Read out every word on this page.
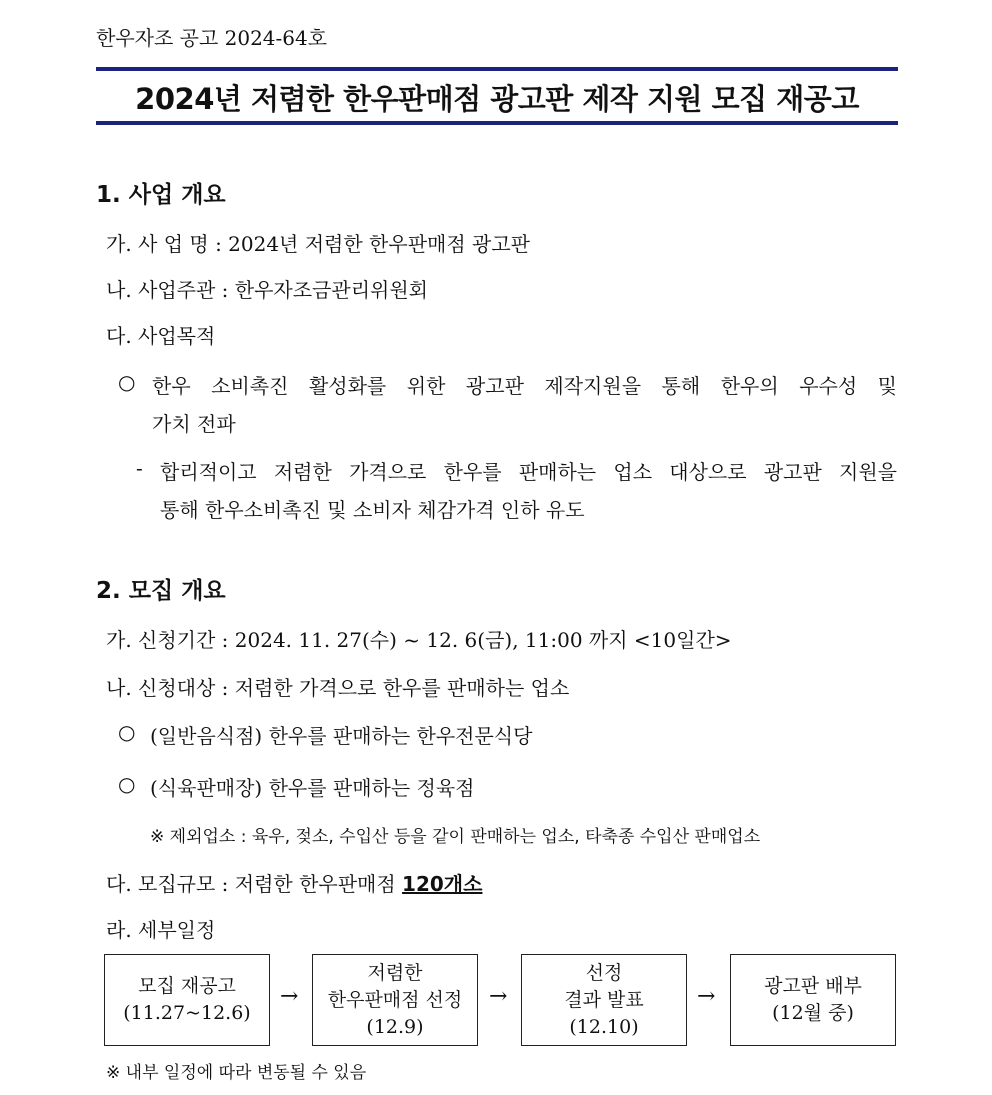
한우자조 공고 2024-64호
2024년 저렴한 한우판매점 광고판 제작 지원 모집 재공고
1. 사업 개요
가. 사 업 명 : 2024년 저렴한 한우판매점 광고판
나. 사업주관 : 한우자조금관리위원회
다. 사업목적
○ 한우 소비촉진 활성화를 위한 광고판 제작지원을 통해 한우의 우수성 및
가치 전파
- 합리적이고 저렴한 가격으로 한우를 판매하는 업소 대상으로 광고판 지원을
통해 한우소비촉진 및 소비자 체감가격 인하 유도
2. 모집 개요
가. 신청기간 : 2024. 11. 27(수) ~ 12. 6(금), 11:00 까지 <10일간>
나. 신청대상 : 저렴한 가격으로 한우를 판매하는 업소
○ (일반음식점) 한우를 판매하는 한우전문식당
○ (식육판매장) 한우를 판매하는 정육점
※ 제외업소 : 육우, 젖소, 수입산 등을 같이 판매하는 업소, 타축종 수입산 판매업소
다. 모집규모 : 저렴한 한우판매점 120개소
라. 세부일정
모집 재공고
(11.27~12.6)
→
저렴한
한우판매점 선정
(12.9)
→
선정
결과 발표
(12.10)
→	광고판 배부
(12월 중)
※ 내부 일정에 따라 변동될 수 있음
